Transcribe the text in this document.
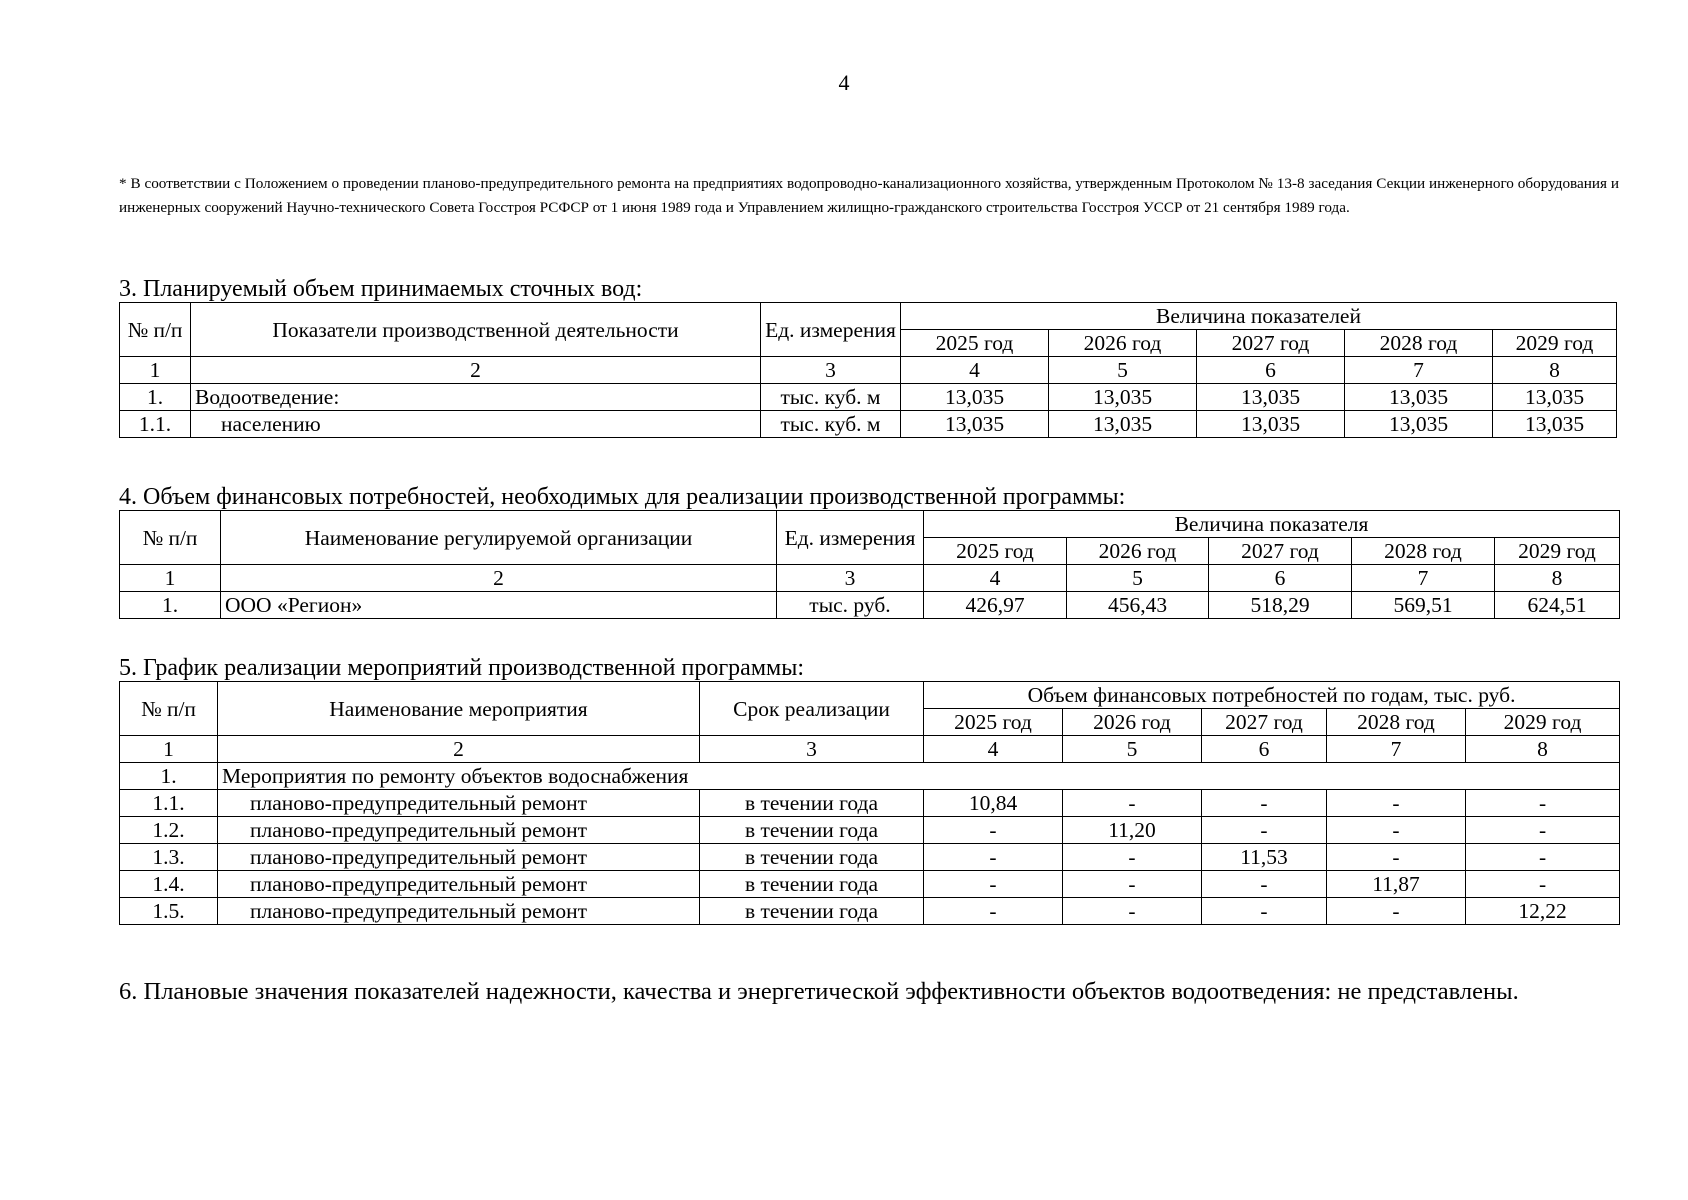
4
* В соответствии с Положением о проведении планово-предупредительного ремонта на предприятиях водопроводно-канализационного хозяйства, утвержденным Протоколом № 13-8 заседания Секции инженерного оборудования и инженерных сооружений Научно-технического Совета Госстроя РСФСР от 1 июня 1989 года и Управлением жилищно-гражданского строительства Госстроя УССР от 21 сентября 1989 года.
3. Планируемый объем принимаемых сточных вод:
№ п/п	Показатели производственной деятельности	Ед. измерения	Величина показателей				
			2025 год	2026 год	2027 год	2028 год	2029 год
1	2	3	4	5	6	7	8
1.	Водоотведение:	тыс. куб. м	13,035	13,035	13,035	13,035	13,035
1.1.	населению	тыс. куб. м	13,035	13,035	13,035	13,035	13,035
4. Объем финансовых потребностей, необходимых для реализации производственной программы:
№ п/п	Наименование регулируемой организации	Ед. измерения	Величина показателя				
			2025 год	2026 год	2027 год	2028 год	2029 год
1	2	3	4	5	6	7	8
1.	ООО «Регион»	тыс. руб.	426,97	456,43	518,29	569,51	624,51
5. График реализации мероприятий производственной программы:
№ п/п	Наименование мероприятия	Срок реализации	Объем финансовых потребностей по годам, тыс. руб.				
			2025 год	2026 год	2027 год	2028 год	2029 год
1	2	3	4	5	6	7	8
1.	Мероприятия по ремонту объектов водоснабжения						
1.1.	планово-предупредительный ремонт	в течении года	10,84	-	-	-	-
1.2.	планово-предупредительный ремонт	в течении года	-	11,20	-	-	-
1.3.	планово-предупредительный ремонт	в течении года	-	-	11,53	-	-
1.4.	планово-предупредительный ремонт	в течении года	-	-	-	11,87	-
1.5.	планово-предупредительный ремонт	в течении года	-	-	-	-	12,22
6. Плановые значения показателей надежности, качества и энергетической эффективности объектов водоотведения: не представлены.
